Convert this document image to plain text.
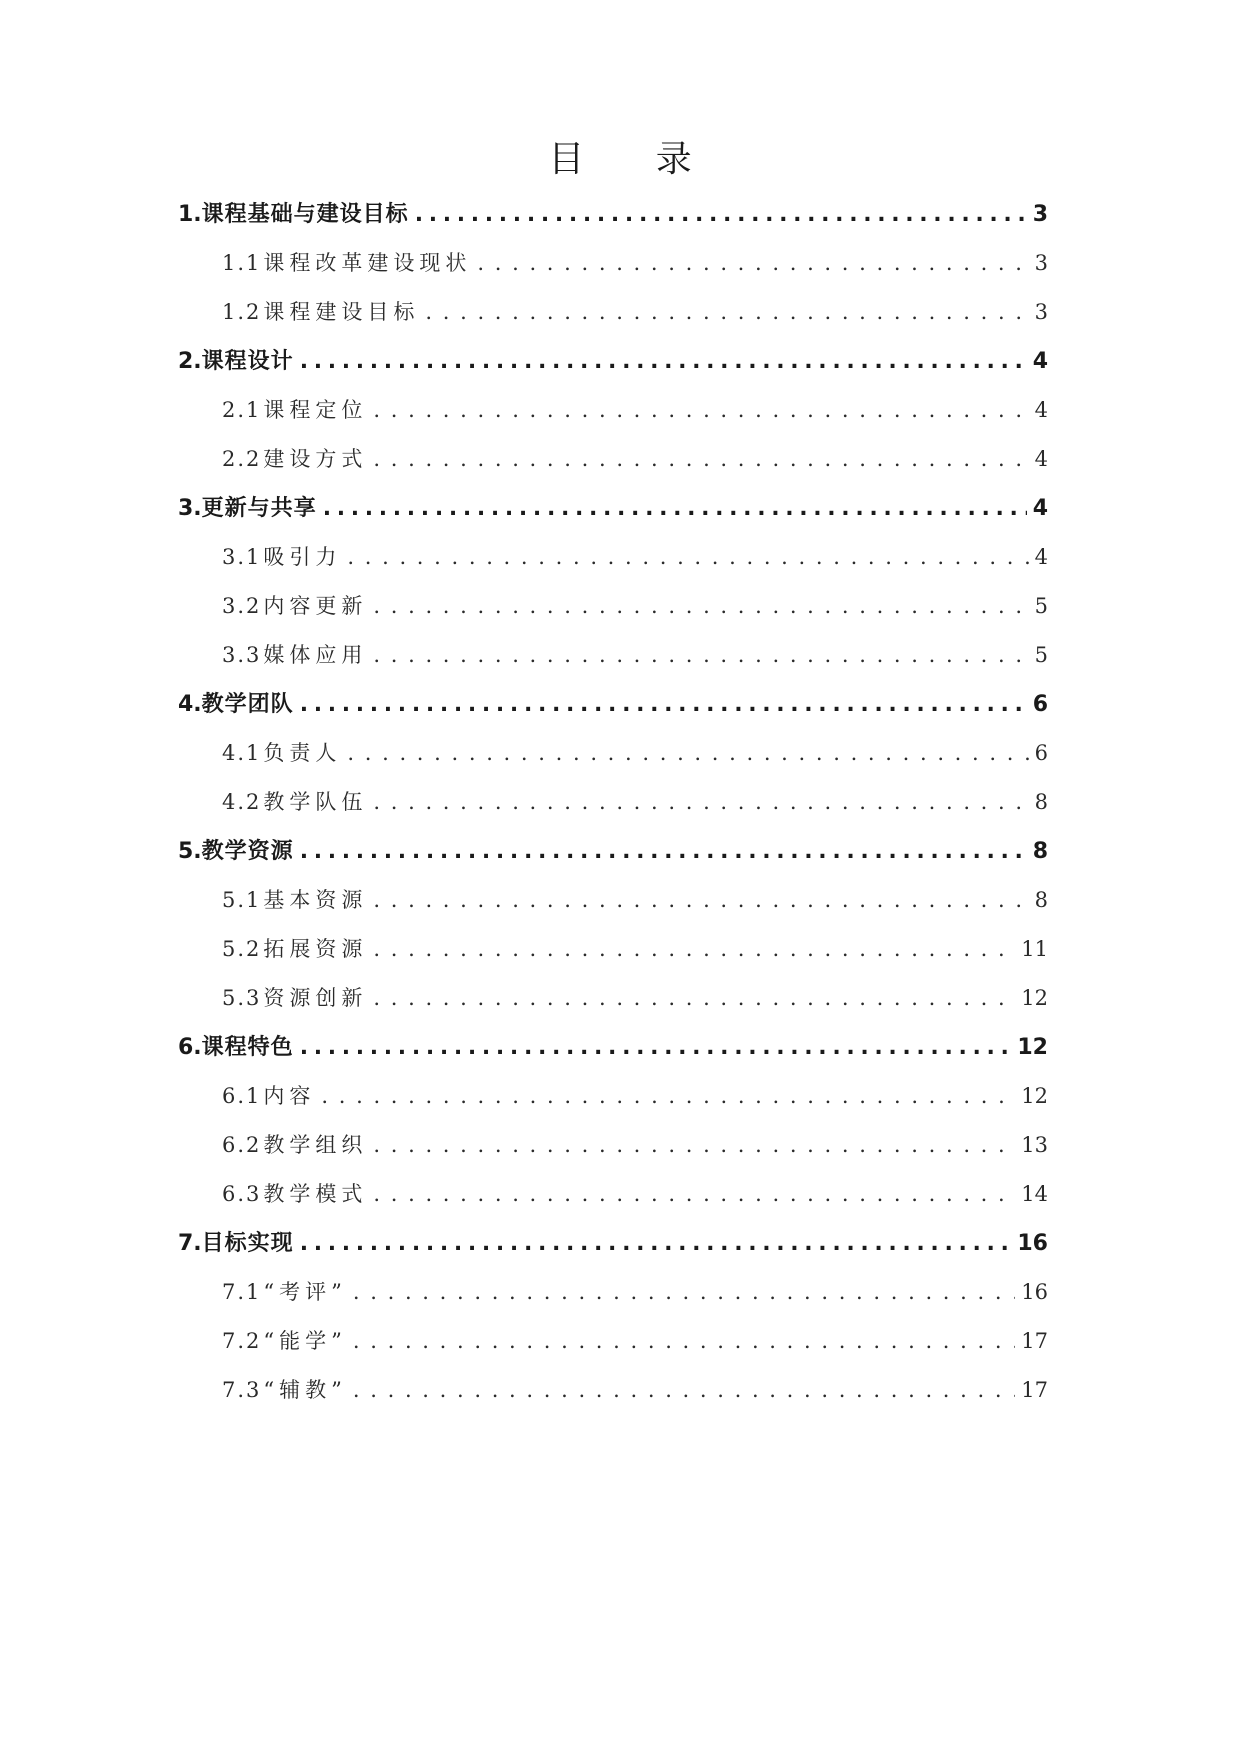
目 录
1. 课程基础与建设目标 . . .	3
1.1 课程改革建设现状 . . .	3
1.2 课程建设目标 . . .	3
2. 课程设计 . . .	4
2.1 课程定位 . . .	4
2.2 建设方式 . . .	4
3. 更新与共享 . . .	4
3.1 吸引力 . . .	4
3.2 内容更新 . . .	5
3.3 媒体应用 . . .	5
4. 教学团队 . . .	6
4.1 负责人 . . .	6
4.2 教学队伍 . . .	8
5. 教学资源 . . .	8
5.1 基本资源 . . .	8
5.2 拓展资源 . . .	11
5.3 资源创新 . . .	12
6. 课程特色 . . .	12
6.1 内容 . . .	12
6.2 教学组织 . . .	13
6.3 教学模式 . . .	14
7. 目标实现 . . .	16
7.1 “考评” . . .	16
7.2 “能学” . . .	17
7.3 “辅教” . . .	17
